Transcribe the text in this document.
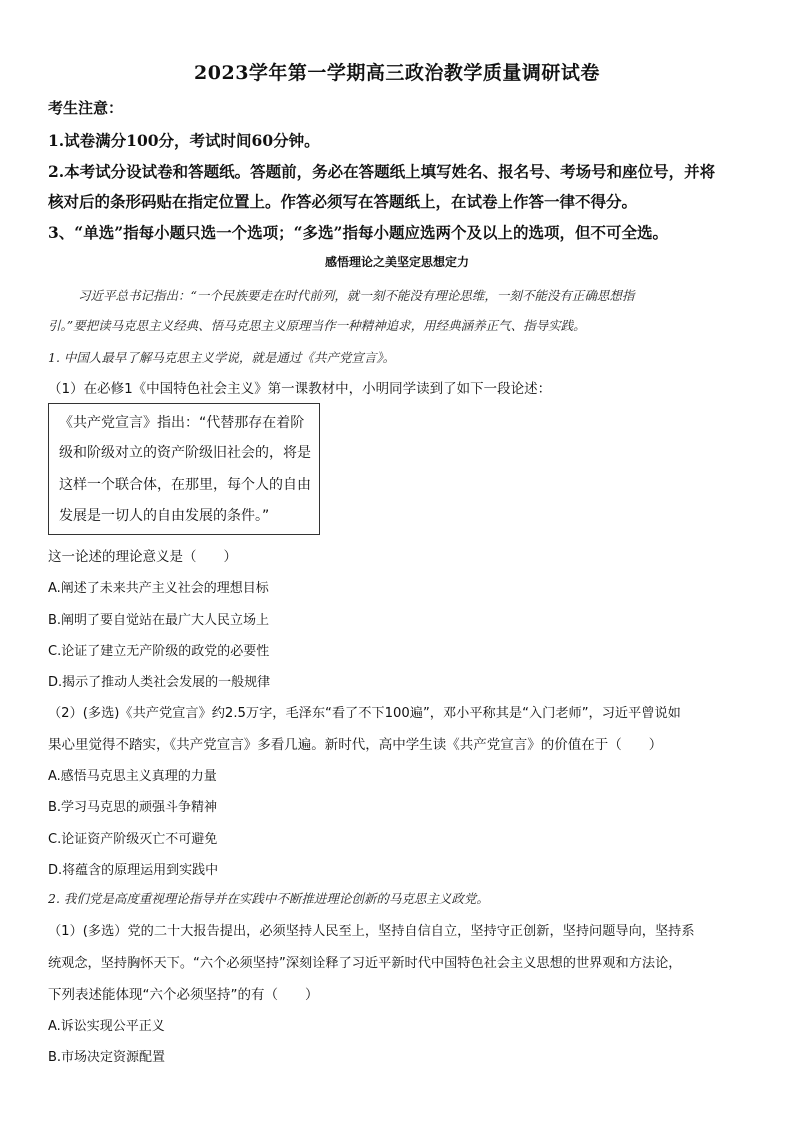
2023学年第一学期高三政治教学质量调研试卷
考生注意：
1.试卷满分100分，考试时间60分钟。
2.本考试分设试卷和答题纸。答题前，务必在答题纸上填写姓名、报名号、考场号和座位号，并将
核对后的条形码贴在指定位置上。作答必须写在答题纸上，在试卷上作答一律不得分。
3、“单选”指每小题只选一个选项；“多选”指每小题应选两个及以上的选项，但不可全选。
感悟理论之美坚定思想定力
习近平总书记指出：“一个民族要走在时代前列，就一刻不能没有理论思维，一刻不能没有正确思想指
引。”要把读马克思主义经典、悟马克思主义原理当作一种精神追求，用经典涵养正气、指导实践。
1. 中国人最早了解马克思主义学说，就是通过《共产党宣言》。
（1）在必修1《中国特色社会主义》第一课教材中，小明同学读到了如下一段论述：
《共产党宣言》指出：“代替那存在着阶
级和阶级对立的资产阶级旧社会的，将是
这样一个联合体，在那里，每个人的自由
发展是一切人的自由发展的条件。”
这一论述的理论意义是（　　）
A.阐述了未来共产主义社会的理想目标
B.阐明了要自觉站在最广大人民立场上
C.论证了建立无产阶级的政党的必要性
D.揭示了推动人类社会发展的一般规律
（2）(多选)《共产党宣言》约2.5万字，毛泽东“看了不下100遍”，邓小平称其是“入门老师”，习近平曾说如
果心里觉得不踏实，《共产党宣言》多看几遍。新时代，高中学生读《共产党宣言》的价值在于（　　）
A.感悟马克思主义真理的力量
B.学习马克思的顽强斗争精神
C.论证资产阶级灭亡不可避免
D.将蕴含的原理运用到实践中
2. 我们党是高度重视理论指导并在实践中不断推进理论创新的马克思主义政党。
（1）(多选）党的二十大报告提出，必须坚持人民至上，坚持自信自立，坚持守正创新，坚持问题导向，坚持系
统观念，坚持胸怀天下。“六个必须坚持”深刻诠释了习近平新时代中国特色社会主义思想的世界观和方法论，
下列表述能体现“六个必须坚持”的有（　　）
A.诉讼实现公平正义
B.市场决定资源配置
